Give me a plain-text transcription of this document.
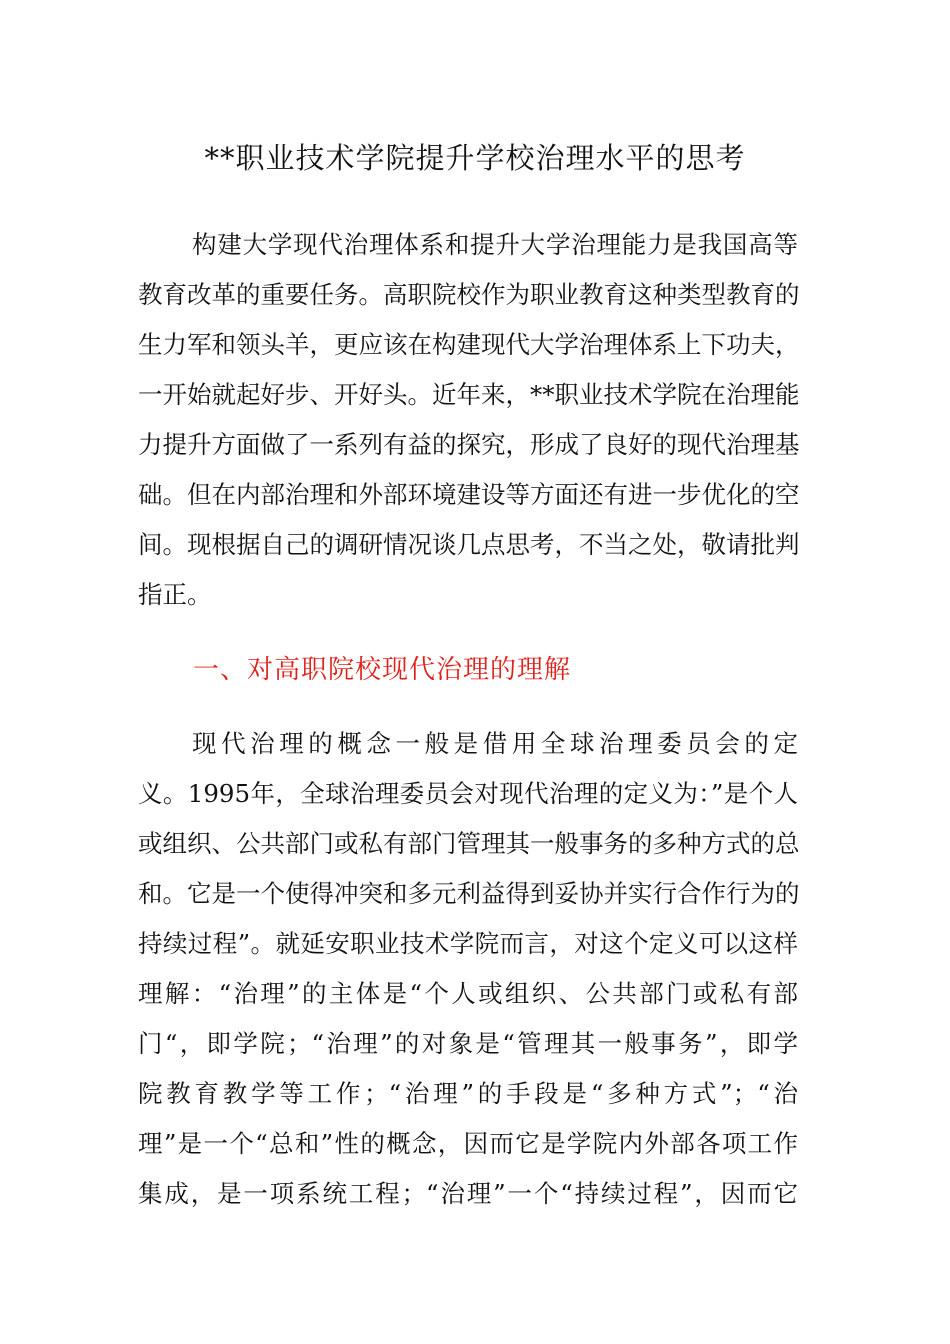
**职业技术学院提升学校治理水平的思考

构建大学现代治理体系和提升大学治理能力是我国高等

教育改革的重要任务。高职院校作为职业教育这种类型教育的

生力军和领头羊，更应该在构建现代大学治理体系上下功夫，

一开始就起好步、开好头。近年来，**职业技术学院在治理能

力提升方面做了一系列有益的探究，形成了良好的现代治理基

础。但在内部治理和外部环境建设等方面还有进一步优化的空

间。现根据自己的调研情况谈几点思考，不当之处，敬请批判

指正。

一、对高职院校现代治理的理解

现代治理的概念一般是借用全球治理委员会的定

义。1995年，全球治理委员会对现代治理的定义为：”是个人

或组织、公共部门或私有部门管理其一般事务的多种方式的总

和。它是一个使得冲突和多元利益得到妥协并实行合作行为的

持续过程”。就延安职业技术学院而言，对这个定义可以这样

理解：“治理”的主体是“个人或组织、公共部门或私有部

门“，即学院；“治理”的对象是“管理其一般事务”，即学

院教育教学等工作；“治理”的手段是“多种方式”；“治

理”是一个“总和”性的概念，因而它是学院内外部各项工作

集成，是一项系统工程；“治理”一个“持续过程”，因而它
